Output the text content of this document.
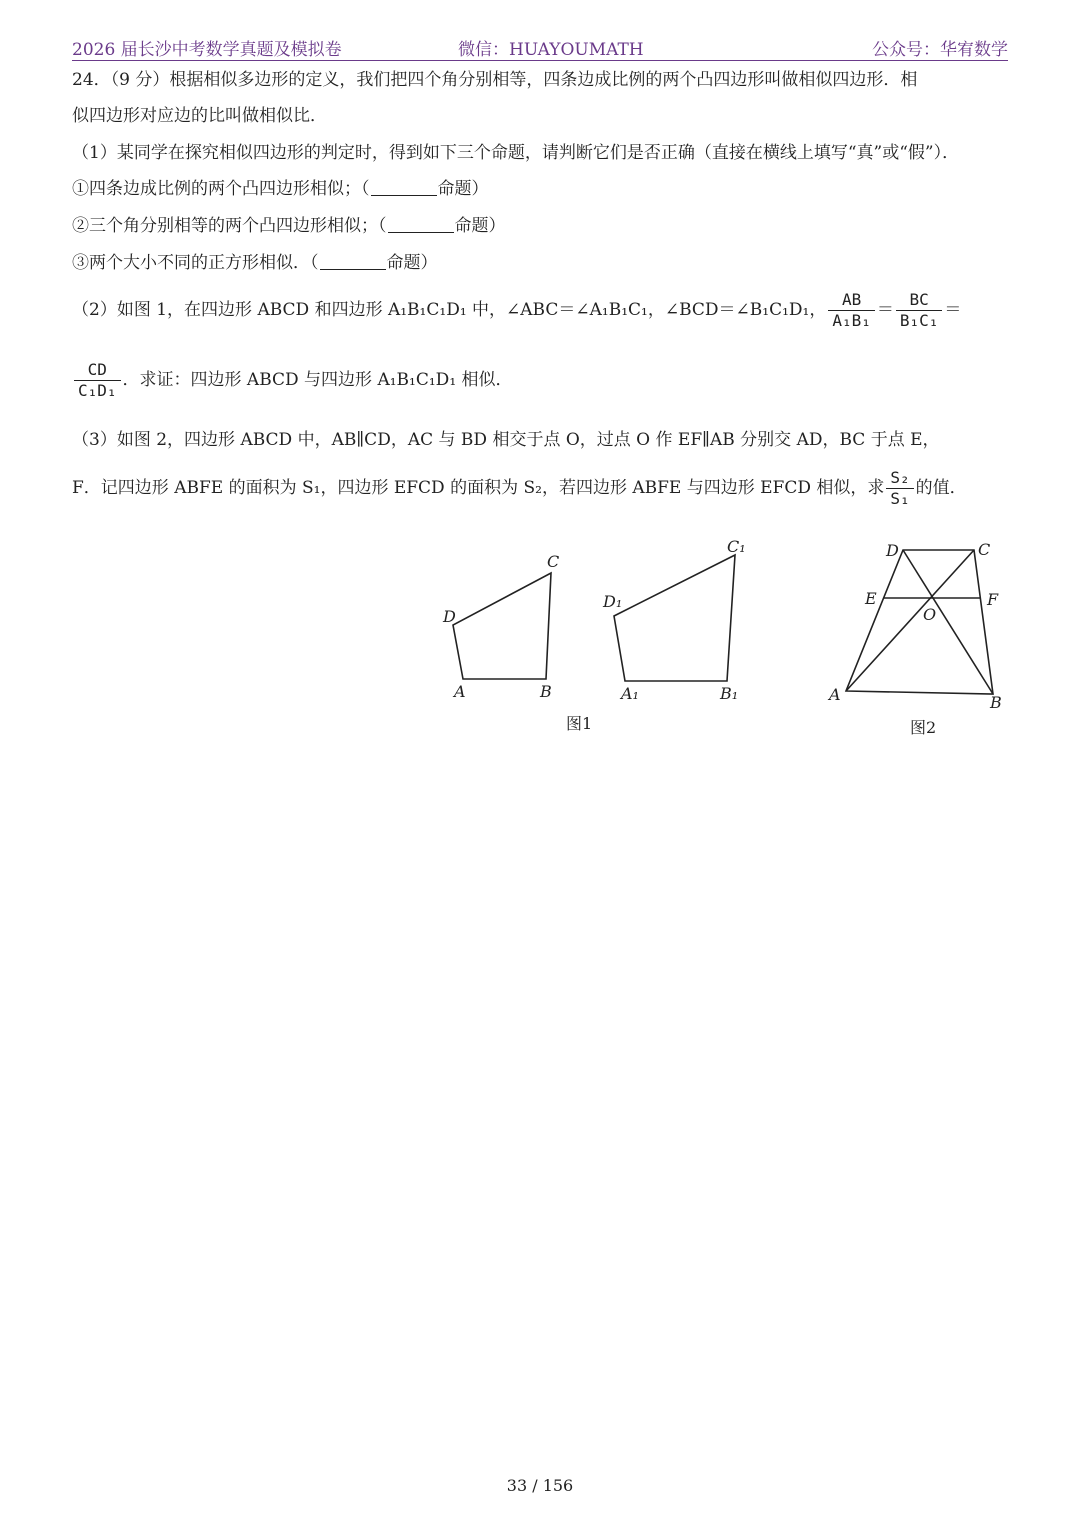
2026 届长沙中考数学真题及模拟卷	微信：HUAYOUMATH	公众号：华宥数学
24．（9 分）根据相似多边形的定义，我们把四个角分别相等，四条边成比例的两个凸四边形叫做相似四边形．相
似四边形对应边的比叫做相似比．
（1）某同学在探究相似四边形的判定时，得到如下三个命题，请判断它们是否正确（直接在横线上填写“真”或“假”）．
①四条边成比例的两个凸四边形相似；（	命题）
②三个角分别相等的两个凸四边形相似；（	命题）
③两个大小不同的正方形相似．（	命题）
（2）如图 1，在四边形 ABCD 和四边形 A₁B₁C₁D₁ 中，∠ABC＝∠A₁B₁C₁，∠BCD＝∠B₁C₁D₁， $\frac{AB}{\text{A₁B₁}} = \frac{BC}{\text{B₁C₁}}$ ＝
$\frac{CD}{\text{C₁D₁}}$ ．求证：四边形 ABCD 与四边形 A₁B₁C₁D₁ 相似．
（3）如图 2，四边形 ABCD 中，AB∥CD，AC 与 BD 相交于点 O，过点 O 作 EF∥AB 分别交 AD，BC 于点 E，
F．记四边形 ABFE 的面积为 S₁，四边形 EFCD 的面积为 S₂，若四边形 ABFE 与四边形 EFCD 相似，求 $\frac{\text{S₂}}{\text{S₁}}$ 的值．
A	B
C
D
A₁	B₁
C₁
D₁
图1
A	B
C
D
E	F
O
图2
33 / 156
